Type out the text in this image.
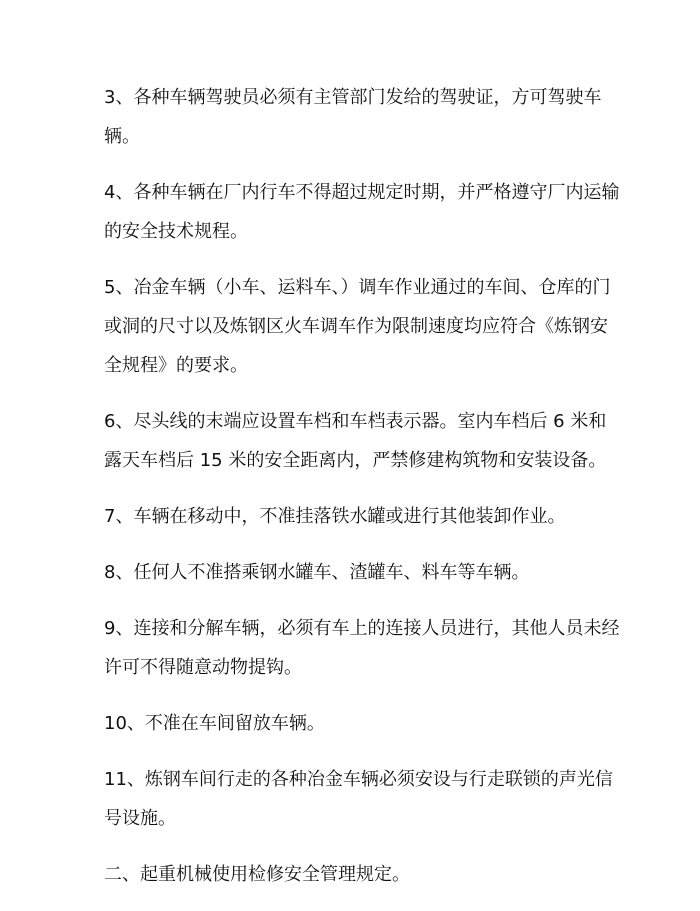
3、各种车辆驾驶员必须有主管部门发给的驾驶证，方可驾驶车辆。

4、各种车辆在厂内行车不得超过规定时期，并严格遵守厂内运输的安全技术规程。

5、冶金车辆（小车、运料车、）调车作业通过的车间、仓库的门或洞的尺寸以及炼钢区火车调车作为限制速度均应符合《炼钢安全规程》的要求。

6、尽头线的末端应设置车档和车档表示器。室内车档后 6 米和露天车档后 15 米的安全距离内，严禁修建构筑物和安装设备。

7、车辆在移动中，不准挂落铁水罐或进行其他装卸作业。

8、任何人不准搭乘钢水罐车、渣罐车、料车等车辆。

9、连接和分解车辆，必须有车上的连接人员进行，其他人员未经许可不得随意动物提钩。

10、不准在车间留放车辆。

11、炼钢车间行走的各种冶金车辆必须安设与行走联锁的声光信号设施。

二、起重机械使用检修安全管理规定。
